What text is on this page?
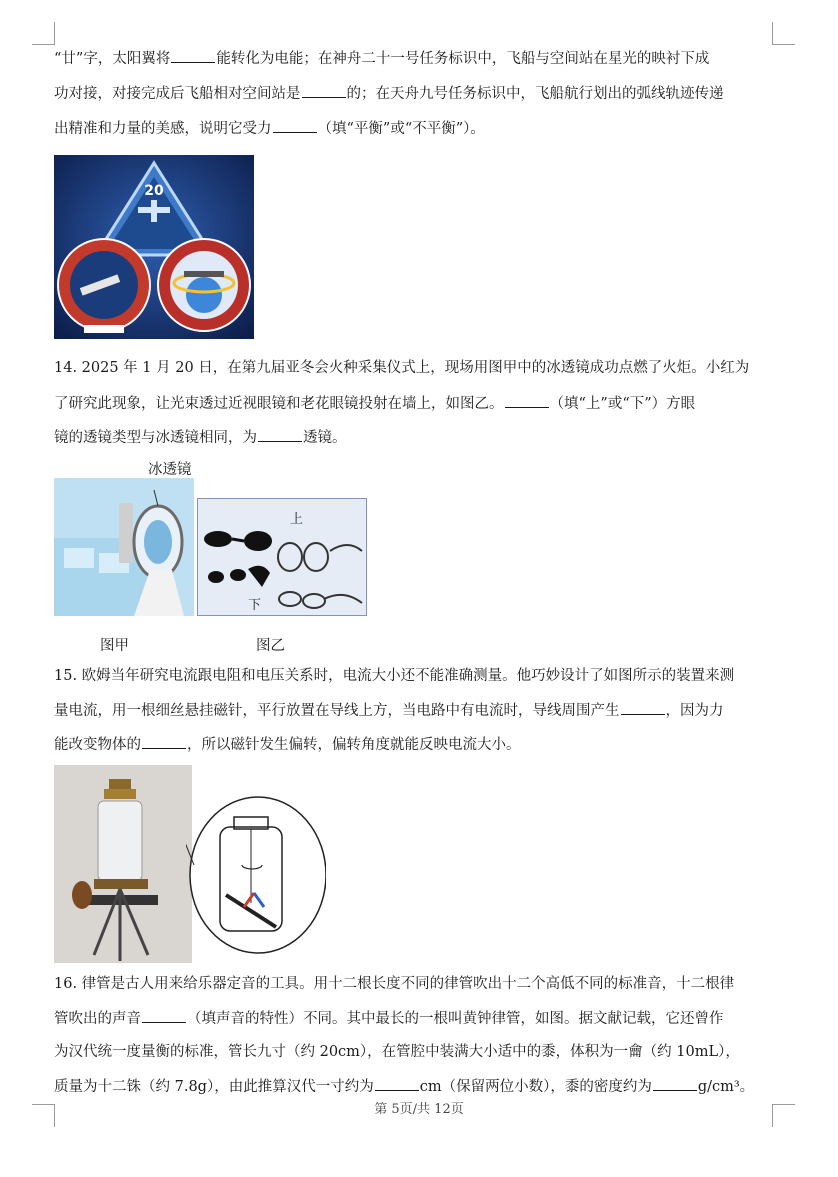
“廿”字，太阳翼将	能转化为电能；在神舟二十一号任务标识中，飞船与空间站在星光的映衬下成
功对接，对接完成后飞船相对空间站是	的；在天舟九号任务标识中，飞船航行划出的弧线轨迹传递
出精准和力量的美感，说明它受力	（填“平衡”或“不平衡”）。
20
14. 2025 年 1 月 20 日，在第九届亚冬会火种采集仪式上，现场用图甲中的冰透镜成功点燃了火炬。小红为
了研究此现象，让光束透过近视眼镜和老花眼镜投射在墙上，如图乙。	（填“上”或“下”）方眼
镜的透镜类型与冰透镜相同，为	透镜。
冰透镜
上
下
图甲	图乙
15. 欧姆当年研究电流跟电阻和电压关系时，电流大小还不能准确测量。他巧妙设计了如图所示的装置来测
量电流，用一根细丝悬挂磁针，平行放置在导线上方，当电路中有电流时，导线周围产生	，因为力
能改变物体的	，所以磁针发生偏转，偏转角度就能反映电流大小。
16. 律管是古人用来给乐器定音的工具。用十二根长度不同的律管吹出十二个高低不同的标准音，十二根律
管吹出的声音	（填声音的特性）不同。其中最长的一根叫黄钟律管，如图。据文献记载，它还曾作
为汉代统一度量衡的标准，管长九寸（约 20cm），在管腔中装满大小适中的黍，体积为一龠（约 10mL），
质量为十二铢（约 7.8g），由此推算汉代一寸约为	cm（保留两位小数），黍的密度约为	g/cm³。
第 5页/共 12页
